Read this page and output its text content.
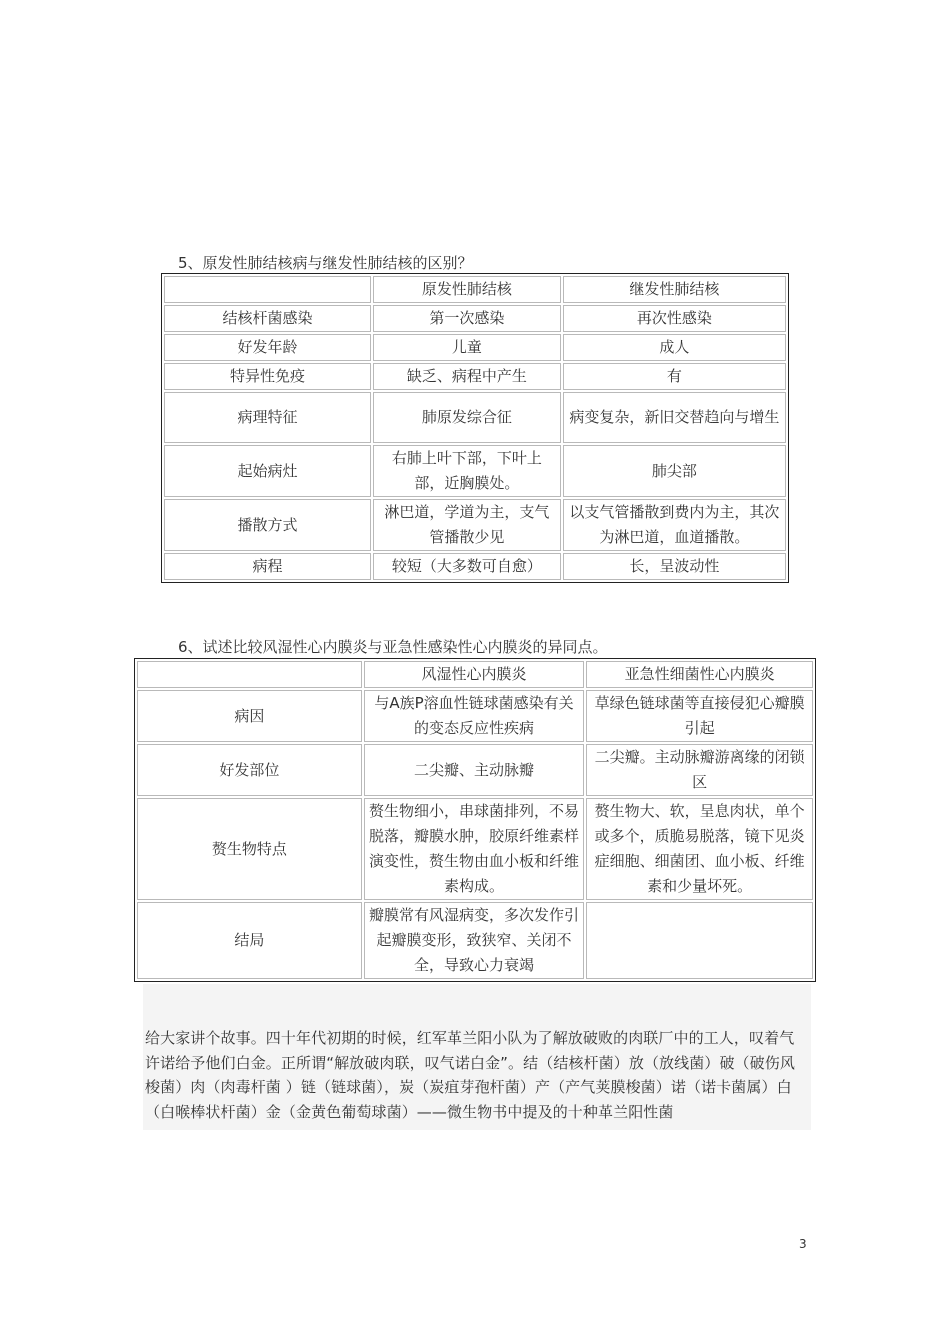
5、原发性肺结核病与继发性肺结核的区别？
	原发性肺结核	继发性肺结核
结核杆菌感染	第一次感染	再次性感染
好发年龄	儿童	成人
特异性免疫	缺乏、病程中产生	有
病理特征	肺原发综合征	病变复杂，新旧交替趋向与增生
起始病灶	右肺上叶下部，下叶上部，近胸膜处。	肺尖部
播散方式	淋巴道，学道为主，支气管播散少见	以支气管播散到费内为主，其次为淋巴道，血道播散。
病程	较短（大多数可自愈）	长，呈波动性
6、试述比较风湿性心内膜炎与亚急性感染性心内膜炎的异同点。
	风湿性心内膜炎	亚急性细菌性心内膜炎
病因	与A族P溶血性链球菌感染有关的变态反应性疾病	草绿色链球菌等直接侵犯心瓣膜引起
好发部位	二尖瓣、主动脉瓣	二尖瓣。主动脉瓣游离缘的闭锁区
赘生物特点	赘生物细小，串球菌排列，不易脱落，瓣膜水肿，胶原纤维素样演变性，赘生物由血小板和纤维素构成。	赘生物大、软，呈息肉状，单个或多个，质脆易脱落，镜下见炎症细胞、细菌团、血小板、纤维素和少量坏死。
结局	瓣膜常有风湿病变，多次发作引起瓣膜变形，致狭窄、关闭不全，导致心力衰竭	

给大家讲个故事。四十年代初期的时候，红军革兰阳小队为了解放破败的肉联厂中的工人，叹着气许诺给予他们白金。正所谓“解放破肉联，叹气诺白金”。结（结核杆菌）放（放线菌）破（破伤风梭菌）肉（肉毒杆菌 ）链（链球菌），炭（炭疽芽孢杆菌）产（产气荚膜梭菌）诺（诺卡菌属）白（白喉棒状杆菌）金（金黄色葡萄球菌）——微生物书中提及的十种革兰阳性菌

3
